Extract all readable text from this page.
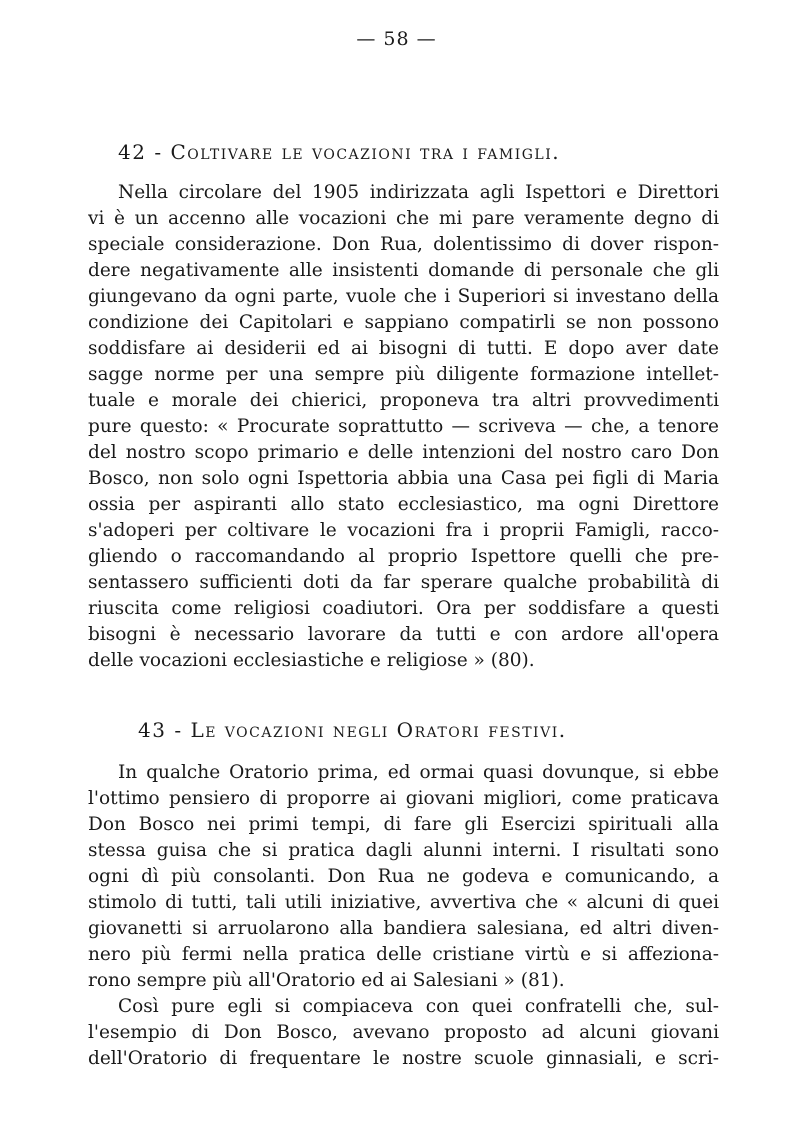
— 58 —
42 - Coltivare le vocazioni tra i famigli.
Nella circolare del 1905 indirizzata agli Ispettori e Direttori
vi è un accenno alle vocazioni che mi pare veramente degno di
speciale considerazione. Don Rua, dolentissimo di dover rispon-
dere negativamente alle insistenti domande di personale che gli
giungevano da ogni parte, vuole che i Superiori si investano della
condizione dei Capitolari e sappiano compatirli se non possono
soddisfare ai desiderii ed ai bisogni di tutti. E dopo aver date
sagge norme per una sempre più diligente formazione intellet-
tuale e morale dei chierici, proponeva tra altri provvedimenti
pure questo: « Procurate soprattutto — scriveva — che, a tenore
del nostro scopo primario e delle intenzioni del nostro caro Don
Bosco, non solo ogni Ispettoria abbia una Casa pei figli di Maria
ossia per aspiranti allo stato ecclesiastico, ma ogni Direttore
s'adoperi per coltivare le vocazioni fra i proprii Famigli, racco-
gliendo o raccomandando al proprio Ispettore quelli che pre-
sentassero sufficienti doti da far sperare qualche probabilità di
riuscita come religiosi coadiutori. Ora per soddisfare a questi
bisogni è necessario lavorare da tutti e con ardore all'opera
delle vocazioni ecclesiastiche e religiose » (80).
43 - Le vocazioni negli Oratori festivi.
In qualche Oratorio prima, ed ormai quasi dovunque, si ebbe
l'ottimo pensiero di proporre ai giovani migliori, come praticava
Don Bosco nei primi tempi, di fare gli Esercizi spirituali alla
stessa guisa che si pratica dagli alunni interni. I risultati sono
ogni dì più consolanti. Don Rua ne godeva e comunicando, a
stimolo di tutti, tali utili iniziative, avvertiva che « alcuni di quei
giovanetti si arruolarono alla bandiera salesiana, ed altri diven-
nero più fermi nella pratica delle cristiane virtù e si affeziona-
rono sempre più all'Oratorio ed ai Salesiani » (81).
Così pure egli si compiaceva con quei confratelli che, sul-
l'esempio di Don Bosco, avevano proposto ad alcuni giovani
dell'Oratorio di frequentare le nostre scuole ginnasiali, e scri-
